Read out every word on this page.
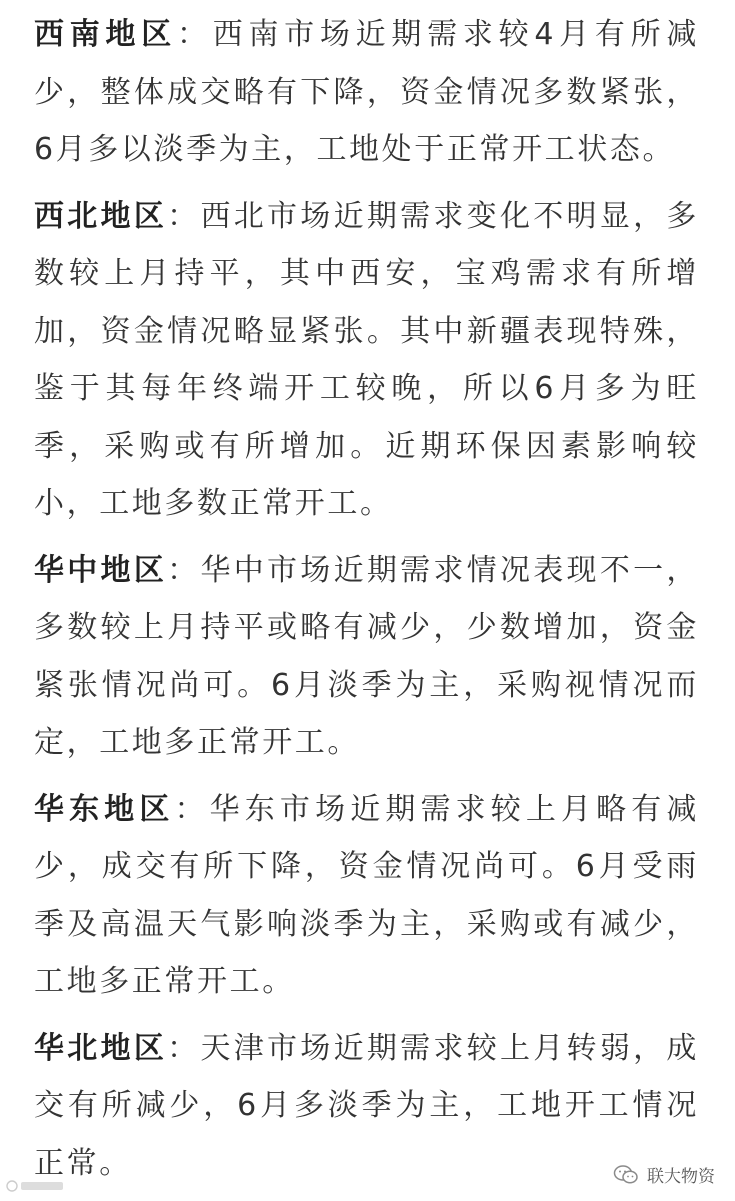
西南地区：西南市场近期需求较4月有所减少，整体成交略有下降，资金情况多数紧张，6月多以淡季为主，工地处于正常开工状态。

西北地区：西北市场近期需求变化不明显，多数较上月持平，其中西安，宝鸡需求有所增加，资金情况略显紧张。其中新疆表现特殊，鉴于其每年终端开工较晚，所以6月多为旺季，采购或有所增加。近期环保因素影响较小，工地多数正常开工。

华中地区：华中市场近期需求情况表现不一，多数较上月持平或略有减少，少数增加，资金紧张情况尚可。6月淡季为主，采购视情况而定，工地多正常开工。

华东地区：华东市场近期需求较上月略有减少，成交有所下降，资金情况尚可。6月受雨季及高温天气影响淡季为主，采购或有减少，工地多正常开工。

华北地区：天津市场近期需求较上月转弱，成交有所减少，6月多淡季为主，工地开工情况正常。	联大物资
